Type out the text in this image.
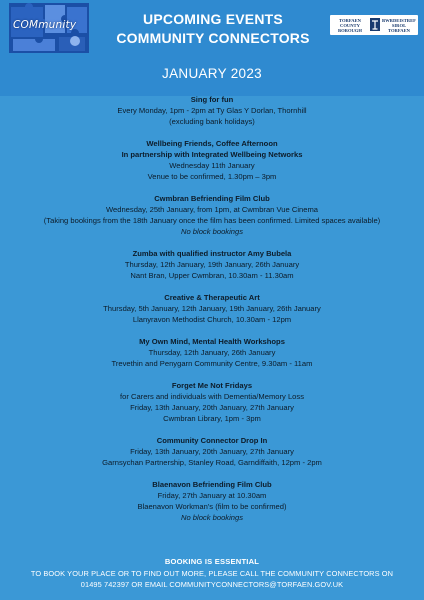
COMmunity	UPCOMING EVENTS
COMMUNITY CONNECTORS
TORFAEN
COUNTY
BOROUGH
BWRDEISTREF
SIROL
TORFAEN
JANUARY 2023
Sing for fun
Every Monday, 1pm - 2pm at Ty Glas Y Dorlan, Thornhill
(excluding bank holidays)
Wellbeing Friends, Coffee Afternoon
In partnership with Integrated Wellbeing Networks
Wednesday 11th January
Venue to be confirmed, 1.30pm – 3pm
Cwmbran Befriending Film Club
Wednesday, 25th January, from 1pm, at Cwmbran Vue Cinema
(Taking bookings from the 18th January once the film has been confirmed. Limited spaces available)
No block bookings
Zumba with qualified instructor Amy Bubela
Thursday, 12th January, 19th January, 26th January
Nant Bran, Upper Cwmbran, 10.30am - 11.30am
Creative & Therapeutic Art
Thursday, 5th January, 12th January, 19th January, 26th January
Llanyravon Methodist Church, 10.30am - 12pm
My Own Mind, Mental Health Workshops
Thursday, 12th January, 26th January
Trevethin and Penygarn Community Centre, 9.30am - 11am
Forget Me Not Fridays
for Carers and individuals with Dementia/Memory Loss
Friday, 13th January, 20th January, 27th January
Cwmbran Library, 1pm - 3pm
Community Connector Drop In
Friday, 13th January, 20th January, 27th January
Garnsychan Partnership, Stanley Road, Garndiffaith, 12pm - 2pm
Blaenavon Befriending Film Club
Friday, 27th January at 10.30am
Blaenavon Workman's (film to be confirmed)
No block bookings
BOOKING IS ESSENTIAL
TO BOOK YOUR PLACE OR TO FIND OUT MORE, PLEASE CALL THE COMMUNITY CONNECTORS ON
01495 742397 OR EMAIL COMMUNITYCONNECTORS@TORFAEN.GOV.UK
